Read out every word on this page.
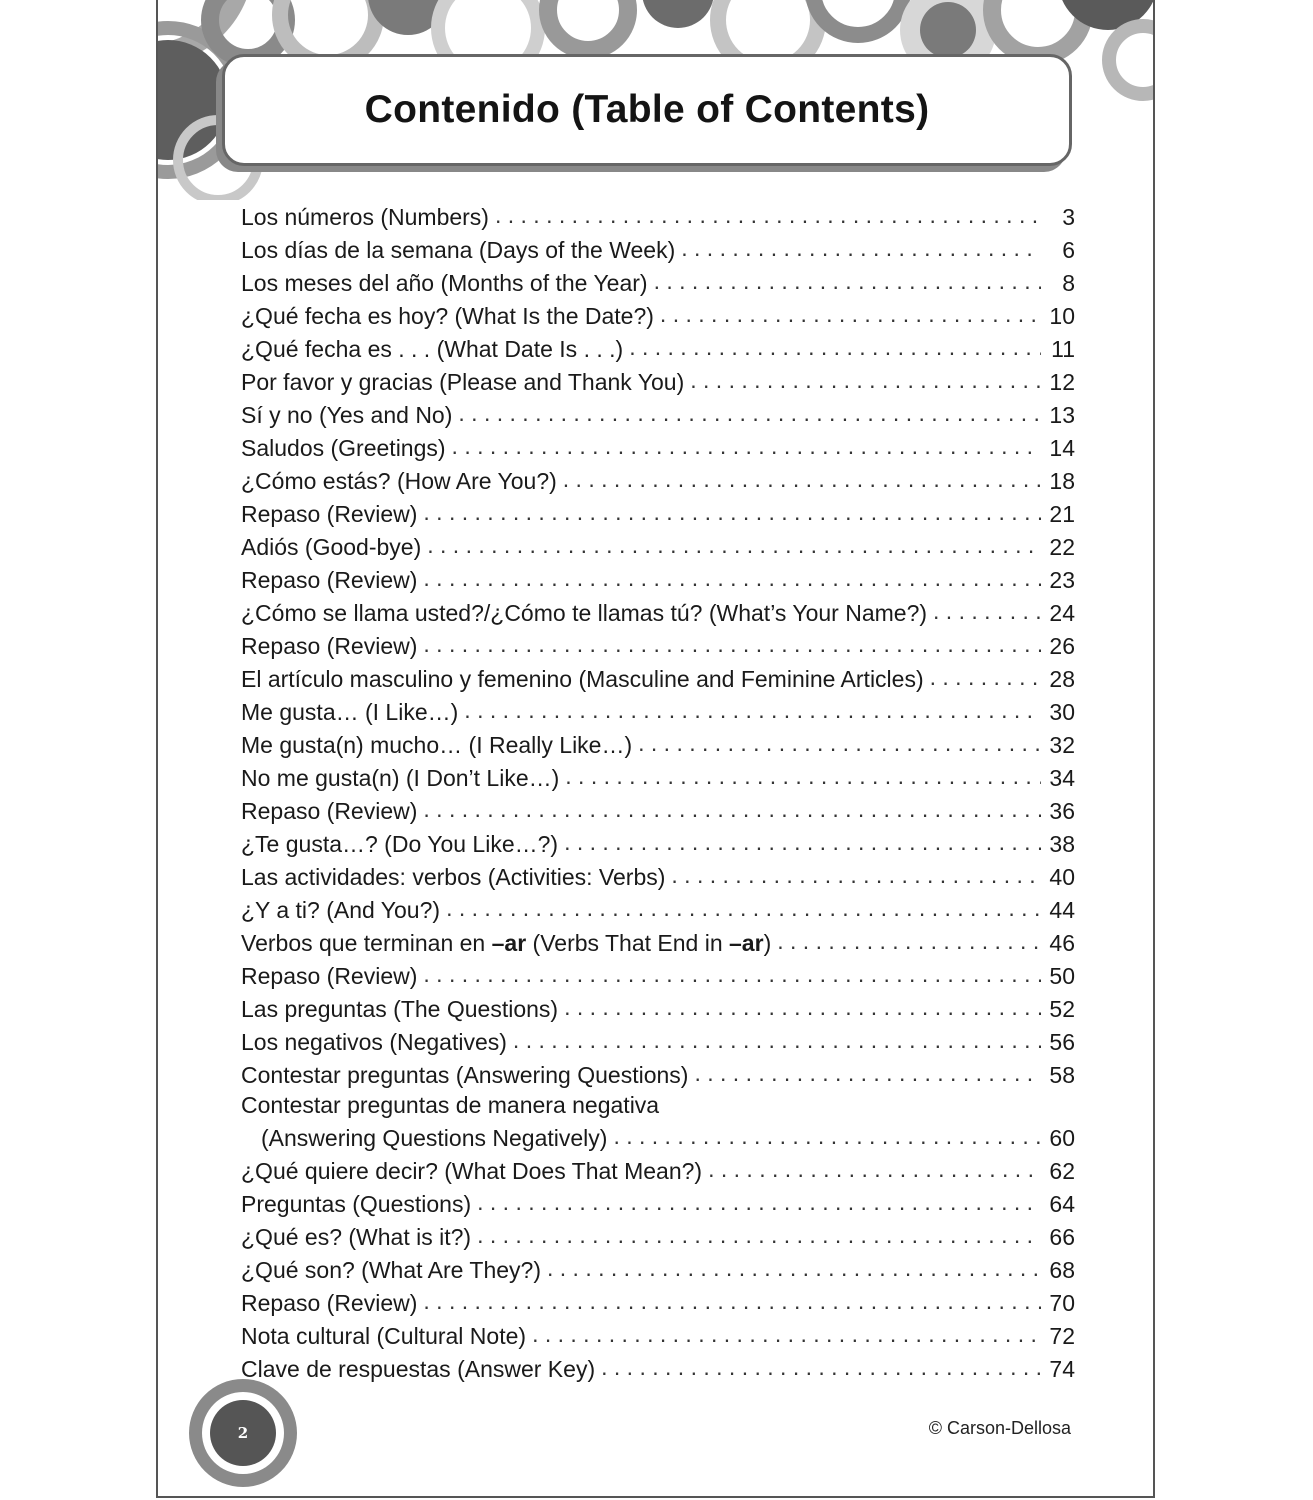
Contenido (Table of Contents)
Los números (Numbers) . . .	3
Los días de la semana (Days of the Week) . . .	6
Los meses del año (Months of the Year) . . .	8
¿Qué fecha es hoy? (What Is the Date?) . . .	10
¿Qué fecha es . . . (What Date Is . . .) . . .	11
Por favor y gracias (Please and Thank You) . . .	12
Sí y no (Yes and No) . . .	13
Saludos (Greetings) . . .	14
¿Cómo estás? (How Are You?) . . .	18
Repaso (Review) . . .	21
Adiós (Good-bye) . . .	22
Repaso (Review) . . .	23
¿Cómo se llama usted?/¿Cómo te llamas tú? (What’s Your Name?) . . .	24
Repaso (Review) . . .	26
El artículo masculino y femenino (Masculine and Feminine Articles) . . .	28
Me gusta… (I Like…) . . .	30
Me gusta(n) mucho… (I Really Like…) . . .	32
No me gusta(n) (I Don’t Like…) . . .	34
Repaso (Review) . . .	36
¿Te gusta…? (Do You Like…?) . . .	38
Las actividades: verbos (Activities: Verbs) . . .	40
¿Y a ti? (And You?) . . .	44
Verbos que terminan en –ar (Verbs That End in –ar) . . .	46
Repaso (Review) . . .	50
Las preguntas (The Questions) . . .	52
Los negativos (Negatives) . . .	56
Contestar preguntas (Answering Questions) . . .	58
Contestar preguntas de manera negativa
(Answering Questions Negatively) . . .	60
¿Qué quiere decir? (What Does That Mean?) . . .	62
Preguntas (Questions) . . .	64
¿Qué es? (What is it?) . . .	66
¿Qué son? (What Are They?) . . .	68
Repaso (Review) . . .	70
Nota cultural (Cultural Note) . . .	72
Clave de respuestas (Answer Key) . . .	74
2	© Carson-Dellosa
